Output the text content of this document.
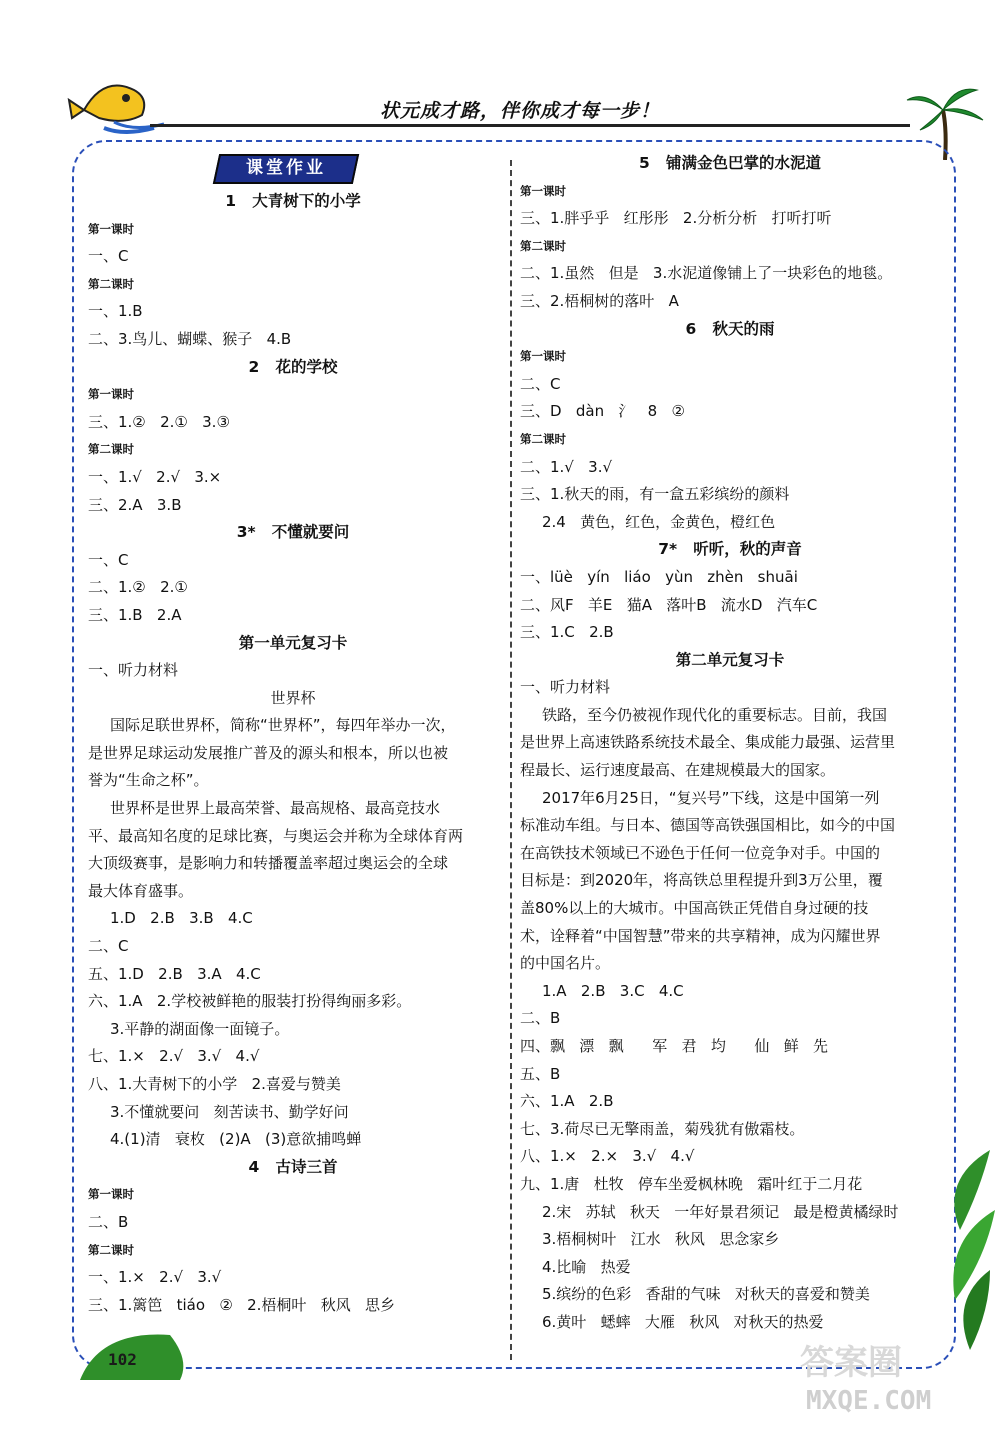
状元成才路，伴你成才每一步！
课堂作业
1   大青树下的小学
第一课时
一、C
第二课时
一、1.B
二、3.鸟儿、蝴蝶、猴子   4.B
2   花的学校
第一课时
三、1.②   2.①   3.③
第二课时
一、1.√   2.√   3.×
三、2.A   3.B
3*   不懂就要问
一、C
二、1.②   2.①
三、1.B   2.A
第一单元复习卡
一、听力材料
世界杯
国际足联世界杯，简称“世界杯”，每四年举办一次，
是世界足球运动发展推广普及的源头和根本，所以也被
誉为“生命之杯”。
世界杯是世界上最高荣誉、最高规格、最高竞技水
平、最高知名度的足球比赛，与奥运会并称为全球体育两
大顶级赛事，是影响力和转播覆盖率超过奥运会的全球
最大体育盛事。
1.D   2.B   3.B   4.C
二、C
五、1.D   2.B   3.A   4.C
六、1.A   2.学校被鲜艳的服装打扮得绚丽多彩。
3.平静的湖面像一面镜子。
七、1.×   2.√   3.√   4.√
八、1.大青树下的小学   2.喜爱与赞美
3.不懂就要问   刻苦读书、勤学好问
4.(1)清   衰枚   (2)A   (3)意欲捕鸣蝉
4   古诗三首
第一课时
二、B
第二课时
一、1.×   2.√   3.√
三、1.篱笆   tiáo   ②   2.梧桐叶   秋风   思乡
5   铺满金色巴掌的水泥道
第一课时
三、1.胖乎乎   红彤彤   2.分析分析   打听打听
第二课时
二、1.虽然   但是   3.水泥道像铺上了一块彩色的地毯。
三、2.梧桐树的落叶   A
6   秋天的雨
第一课时
二、C
三、D   dàn   氵   8   ②
第二课时
二、1.√   3.√
三、1.秋天的雨，有一盒五彩缤纷的颜料
2.4   黄色，红色，金黄色，橙红色
7*   听听，秋的声音
一、lüè   yín   liáo   yùn   zhèn   shuāi
二、风F   羊E   猫A   落叶B   流水D   汽车C
三、1.C   2.B
第二单元复习卡
一、听力材料
铁路，至今仍被视作现代化的重要标志。目前，我国
是世界上高速铁路系统技术最全、集成能力最强、运营里
程最长、运行速度最高、在建规模最大的国家。
2017年6月25日，“复兴号”下线，这是中国第一列
标准动车组。与日本、德国等高铁强国相比，如今的中国
在高铁技术领域已不逊色于任何一位竞争对手。中国的
目标是：到2020年，将高铁总里程提升到3万公里，覆
盖80%以上的大城市。中国高铁正凭借自身过硬的技
术，诠释着“中国智慧”带来的共享精神，成为闪耀世界
的中国名片。
1.A   2.B   3.C   4.C
二、B
四、飘   漂   飘      军   君   均      仙   鲜   先
五、B
六、1.A   2.B
七、3.荷尽已无擎雨盖，菊残犹有傲霜枝。
八、1.×   2.×   3.√   4.√
九、1.唐   杜牧   停车坐爱枫林晚   霜叶红于二月花
2.宋   苏轼   秋天   一年好景君须记   最是橙黄橘绿时
3.梧桐树叶   江水   秋风   思念家乡
4.比喻   热爱
5.缤纷的色彩   香甜的气味   对秋天的喜爱和赞美
6.黄叶   蟋蟀   大雁   秋风   对秋天的热爱
102	答案圈
MXQE.COM
